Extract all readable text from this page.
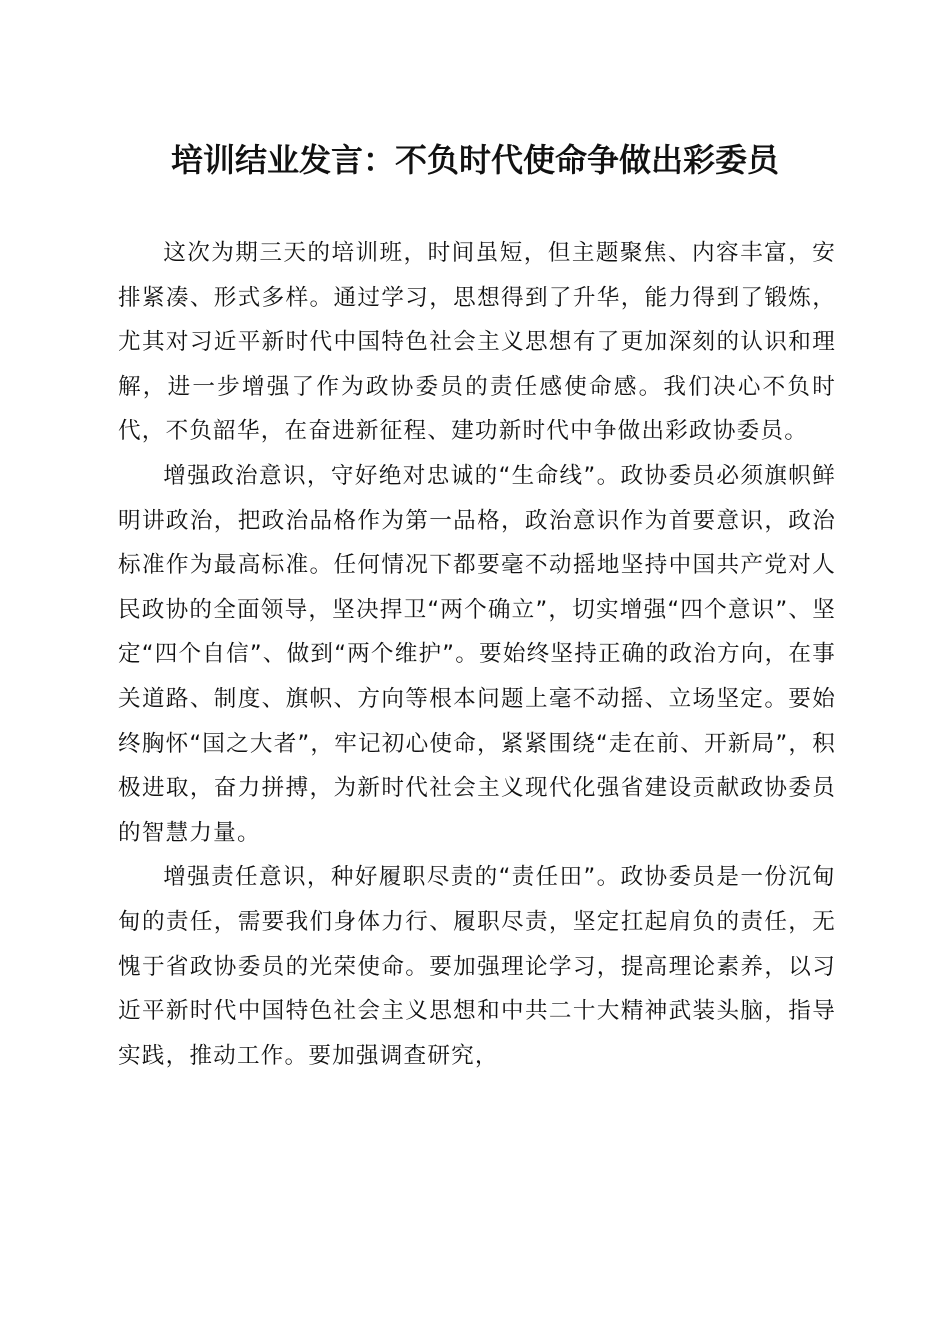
培训结业发言：不负时代使命争做出彩委员

这次为期三天的培训班，时间虽短，但主题聚焦、内容丰富，安排紧凑、形式多样。通过学习，思想得到了升华，能力得到了锻炼，尤其对习近平新时代中国特色社会主义思想有了更加深刻的认识和理解，进一步增强了作为政协委员的责任感使命感。我们决心不负时代，不负韶华，在奋进新征程、建功新时代中争做出彩政协委员。

增强政治意识，守好绝对忠诚的“生命线”。政协委员必须旗帜鲜明讲政治，把政治品格作为第一品格，政治意识作为首要意识，政治标准作为最高标准。任何情况下都要毫不动摇地坚持中国共产党对人民政协的全面领导，坚决捍卫“两个确立”，切实增强“四个意识”、坚定“四个自信”、做到“两个维护”。要始终坚持正确的政治方向，在事关道路、制度、旗帜、方向等根本问题上毫不动摇、立场坚定。要始终胸怀“国之大者”，牢记初心使命，紧紧围绕“走在前、开新局”，积极进取，奋力拼搏，为新时代社会主义现代化强省建设贡献政协委员的智慧力量。

增强责任意识，种好履职尽责的“责任田”。政协委员是一份沉甸甸的责任，需要我们身体力行、履职尽责，坚定扛起肩负的责任，无愧于省政协委员的光荣使命。要加强理论学习，提高理论素养，以习近平新时代中国特色社会主义思想和中共二十大精神武装头脑，指导实践，推动工作。要加强调查研究，
